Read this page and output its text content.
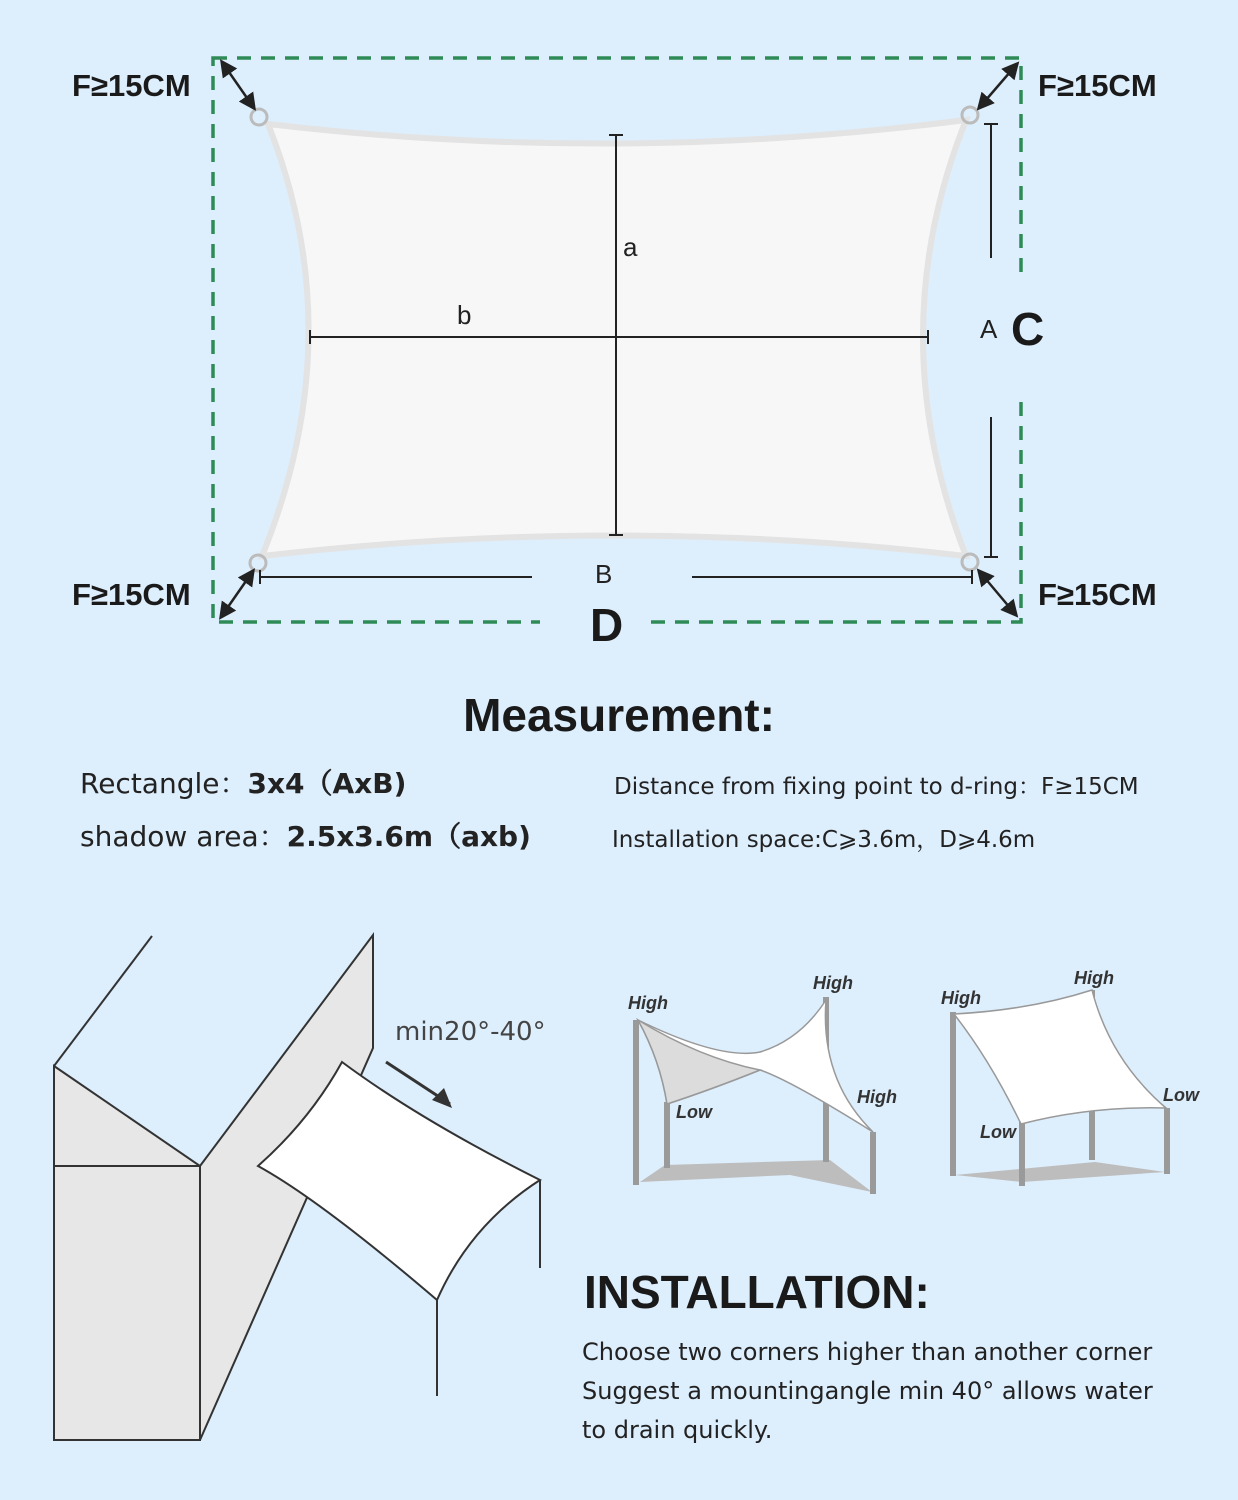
F≥15CM	F≥15CM
F≥15CM	F≥15CM
a
b	A
B
C
D
Measurement:
Rectangle：3x4（AxB)
shadow area：2.5x3.6m（axb)
Distance from fixing point to d-ring：F≥15CM
Installation space:C⩾3.6m，D⩾4.6m
min20°-40°
High
High
High
Low
High
High
Low
Low
INSTALLATION:
Choose two corners higher than another corner
Suggest a mountingangle min 40° allows water
to drain quickly.
